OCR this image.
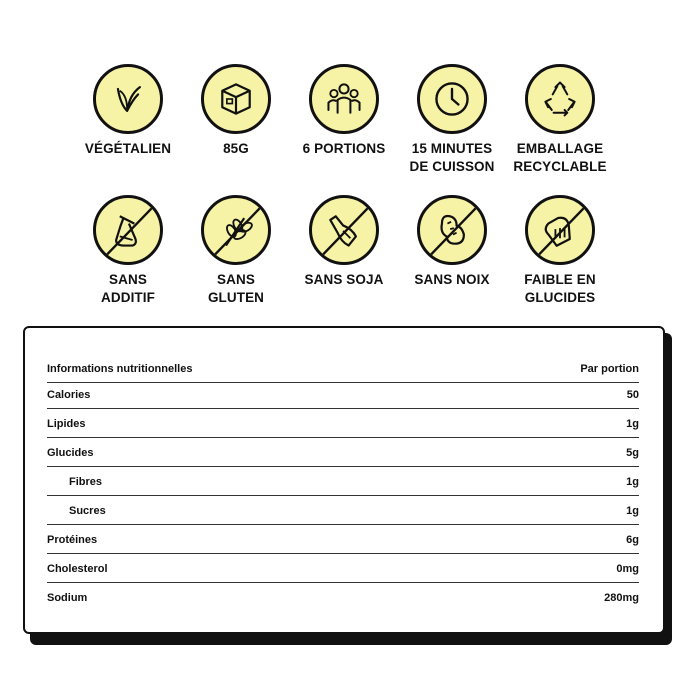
VÉGÉTALIEN	85G	6 PORTIONS	15 MINUTES
DE CUISSON
EMBALLAGE
RECYCLABLE
SANS
ADDITIF
SANS
GLUTEN
SANS SOJA	SANS NOIX	FAIBLE EN
GLUCIDES
Informations nutritionnelles	Par portion
Calories	50
Lipides	1g
Glucides	5g
Fibres	1g
Sucres	1g
Protéines	6g
Cholesterol	0mg
Sodium	280mg
